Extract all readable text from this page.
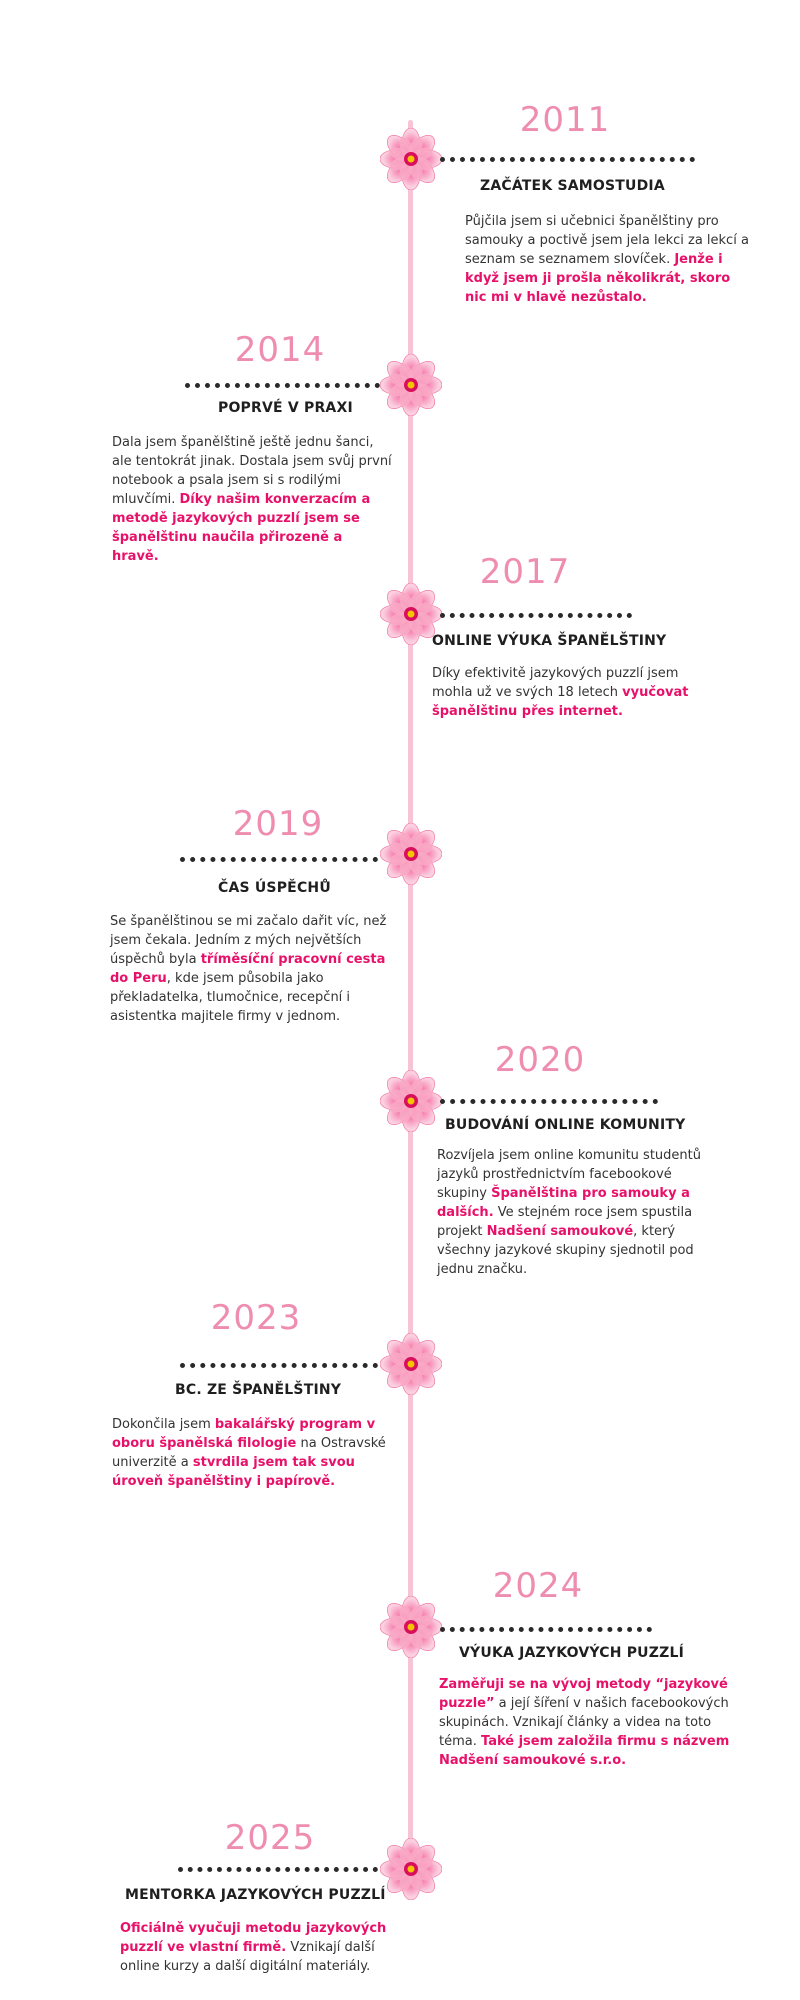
2011
ZAČÁTEK SAMOSTUDIA
Půjčila jsem si učebnici španělštiny pro samouky a poctivě jsem jela lekci za lekcí a seznam se seznamem slovíček. Jenže i když jsem ji prošla několikrát, skoro nic mi v hlavě nezůstalo.
2014
POPRVÉ V PRAXI
Dala jsem španělštině ještě jednu šanci, ale tentokrát jinak. Dostala jsem svůj první notebook a psala jsem si s rodilými mluvčími. Díky našim konverzacím a metodě jazykových puzzlí jsem se španělštinu naučila přirozeně a hravě.	2017
ONLINE VÝUKA ŠPANĚLŠTINY
Díky efektivitě jazykových puzzlí jsem mohla už ve svých 18 letech vyučovat španělštinu přes internet.
2019
ČAS ÚSPĚCHŮ
Se španělštinou se mi začalo dařit víc, než jsem čekala. Jedním z mých největších úspěchů byla tříměsíční pracovní cesta do Peru, kde jsem působila jako překladatelka, tlumočnice, recepční i asistentka majitele firmy v jednom.
2020
BUDOVÁNÍ ONLINE KOMUNITY
Rozvíjela jsem online komunitu studentů jazyků prostřednictvím facebookové skupiny Španělština pro samouky a dalších. Ve stejném roce jsem spustila projekt Nadšení samoukové, který všechny jazykové skupiny sjednotil pod jednu značku.
2023
BC. ZE ŠPANĚLŠTINY
Dokončila jsem bakalářský program v oboru španělská filologie na Ostravské univerzitě a stvrdila jsem tak svou úroveň španělštiny i papírově.
2024
VÝUKA JAZYKOVÝCH PUZZLÍ
Zaměřuji se na vývoj metody “jazykové puzzle” a její šíření v našich facebookových skupinách. Vznikají články a videa na toto téma. Také jsem založila firmu s názvem Nadšení samoukové s.r.o.
2025
MENTORKA JAZYKOVÝCH PUZZLÍ
Oficiálně vyučuji metodu jazykových puzzlí ve vlastní firmě. Vznikají další online kurzy a další digitální materiály.
